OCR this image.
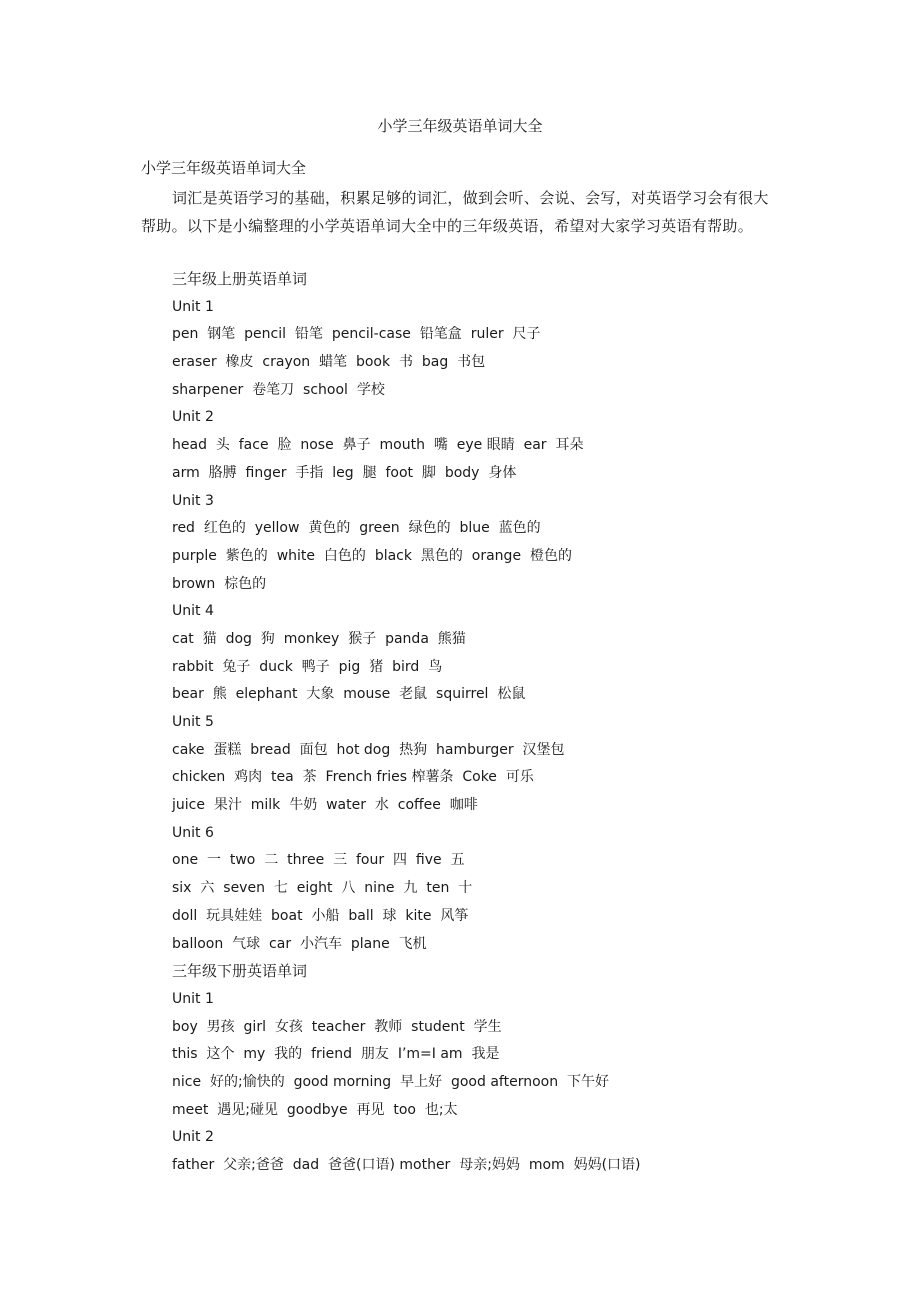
小学三年级英语单词大全

小学三年级英语单词大全

词汇是英语学习的基础，积累足够的词汇，做到会听、会说、会写，对英语学习会有很大帮助。以下是小编整理的小学英语单词大全中的三年级英语，希望对大家学习英语有帮助。

三年级上册英语单词
Unit 1
pen  钢笔  pencil  铅笔  pencil-case  铅笔盒  ruler  尺子
eraser  橡皮  crayon  蜡笔  book  书  bag  书包
sharpener  卷笔刀  school  学校
Unit 2
head  头  face  脸  nose  鼻子  mouth  嘴  eye 眼睛  ear  耳朵
arm  胳膊  finger  手指  leg  腿  foot  脚  body  身体
Unit 3
red  红色的  yellow  黄色的  green  绿色的  blue  蓝色的
purple  紫色的  white  白色的  black  黑色的  orange  橙色的
brown  棕色的
Unit 4
cat  猫  dog  狗  monkey  猴子  panda  熊猫
rabbit  兔子  duck  鸭子  pig  猪  bird  鸟
bear  熊  elephant  大象  mouse  老鼠  squirrel  松鼠
Unit 5
cake  蛋糕  bread  面包  hot dog  热狗  hamburger  汉堡包
chicken  鸡肉  tea  茶  French fries 榨薯条  Coke  可乐
juice  果汁  milk  牛奶  water  水  coffee  咖啡
Unit 6
one  一  two  二  three  三  four  四  five  五
six  六  seven  七  eight  八  nine  九  ten  十
doll  玩具娃娃  boat  小船  ball  球  kite  风筝
balloon  气球  car  小汽车  plane  飞机
三年级下册英语单词
Unit 1
boy  男孩  girl  女孩  teacher  教师  student  学生
this  这个  my  我的  friend  朋友  I’m=I am  我是
nice  好的;愉快的  good morning  早上好  good afternoon  下午好
meet  遇见;碰见  goodbye  再见  too  也;太
Unit 2
father  父亲;爸爸  dad  爸爸(口语) mother  母亲;妈妈  mom  妈妈(口语)
